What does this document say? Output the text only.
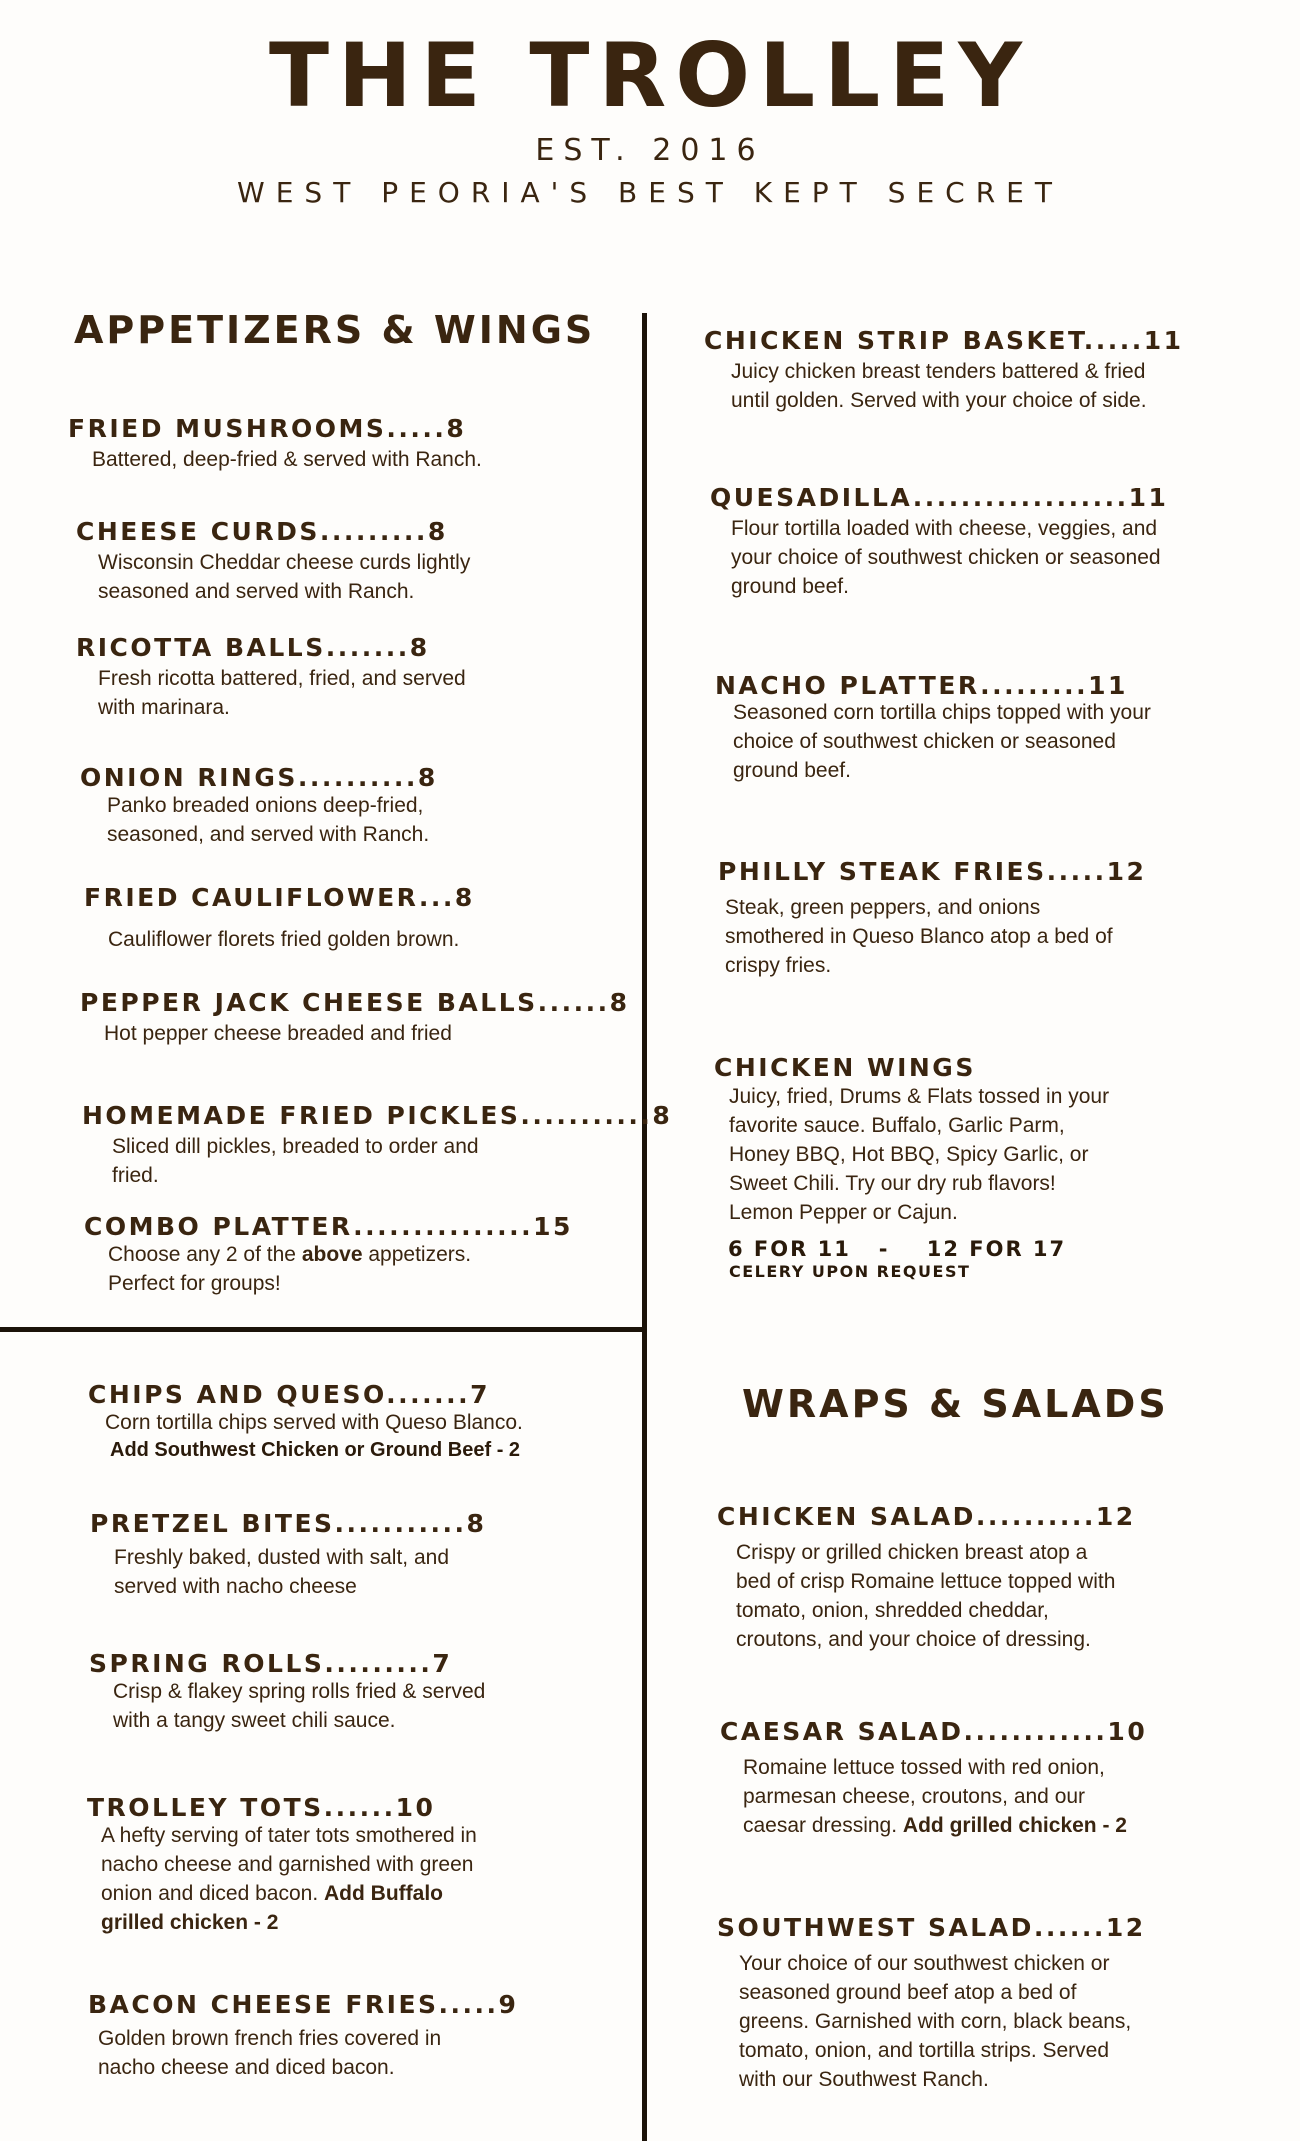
THE TROLLEY
EST. 2016
WEST PEORIA'S BEST KEPT SECRET
APPETIZERS & WINGS
WRAPS & SALADS
FRIED MUSHROOMS.....8
Battered, deep-fried & served with Ranch.
CHEESE CURDS.........8
Wisconsin Cheddar cheese curds lightly
seasoned and served with Ranch.
RICOTTA BALLS.......8
Fresh ricotta battered, fried, and served
with marinara.
ONION RINGS..........8
Panko breaded onions deep-fried,
seasoned, and served with Ranch.
FRIED CAULIFLOWER...8
Cauliflower florets fried golden brown.
PEPPER JACK CHEESE BALLS......8
Hot pepper cheese breaded and fried
HOMEMADE FRIED PICKLES...........8
Sliced dill pickles, breaded to order and
fried.
COMBO PLATTER...............15
Choose any 2 of the above appetizers.
Perfect for groups!
CHIPS AND QUESO.......7
Corn tortilla chips served with Queso Blanco.
Add Southwest Chicken or Ground Beef - 2
PRETZEL BITES...........8
Freshly baked, dusted with salt, and
served with nacho cheese
SPRING ROLLS.........7
Crisp & flakey spring rolls fried & served
with a tangy sweet chili sauce.
TROLLEY TOTS......10
A hefty serving of tater tots smothered in
nacho cheese and garnished with green
onion and diced bacon. Add Buffalo
grilled chicken - 2
BACON CHEESE FRIES.....9
Golden brown french fries covered in
nacho cheese and diced bacon.
CHICKEN STRIP BASKET.....11
Juicy chicken breast tenders battered & fried
until golden. Served with your choice of side.
QUESADILLA..................11
Flour tortilla loaded with cheese, veggies, and
your choice of southwest chicken or seasoned
ground beef.
NACHO PLATTER.........11
Seasoned corn tortilla chips topped with your
choice of southwest chicken or seasoned
ground beef.
PHILLY STEAK FRIES.....12
Steak, green peppers, and onions
smothered in Queso Blanco atop a bed of
crispy fries.
CHICKEN WINGS
Juicy, fried, Drums & Flats tossed in your
favorite sauce. Buffalo, Garlic Parm,
Honey BBQ, Hot BBQ, Spicy Garlic, or
Sweet Chili. Try our dry rub flavors!
Lemon Pepper or Cajun.
6 FOR 11   -    12 FOR 17
CELERY UPON REQUEST
CHICKEN SALAD..........12
Crispy or grilled chicken breast atop a
bed of crisp Romaine lettuce topped with
tomato, onion, shredded cheddar,
croutons, and your choice of dressing.
CAESAR SALAD............10
Romaine lettuce tossed with red onion,
parmesan cheese, croutons, and our
caesar dressing. Add grilled chicken - 2
SOUTHWEST SALAD......12
Your choice of our southwest chicken or
seasoned ground beef atop a bed of
greens. Garnished with corn, black beans,
tomato, onion, and tortilla strips. Served
with our Southwest Ranch.
